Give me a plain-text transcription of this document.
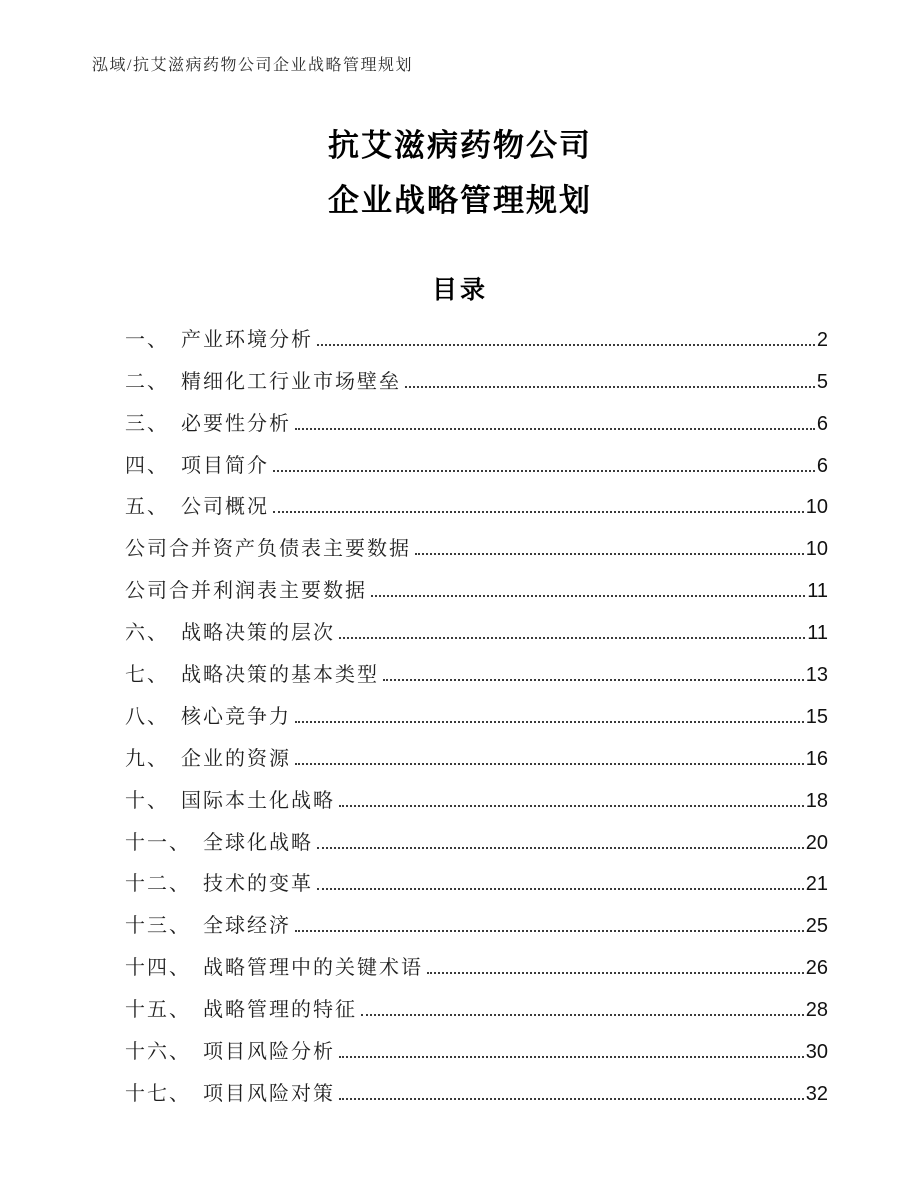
泓域/抗艾滋病药物公司企业战略管理规划
抗艾滋病药物公司
企业战略管理规划
目录
一、 产业环境分析	2
二、 精细化工行业市场壁垒	5
三、 必要性分析	6
四、 项目简介	6
五、 公司概况	10
公司合并资产负债表主要数据	10
公司合并利润表主要数据	11
六、 战略决策的层次	11
七、 战略决策的基本类型	13
八、 核心竞争力	15
九、 企业的资源	16
十、 国际本土化战略	18
十一、 全球化战略	20
十二、 技术的变革	21
十三、 全球经济	25
十四、 战略管理中的关键术语	26
十五、 战略管理的特征	28
十六、 项目风险分析	30
十七、 项目风险对策	32
